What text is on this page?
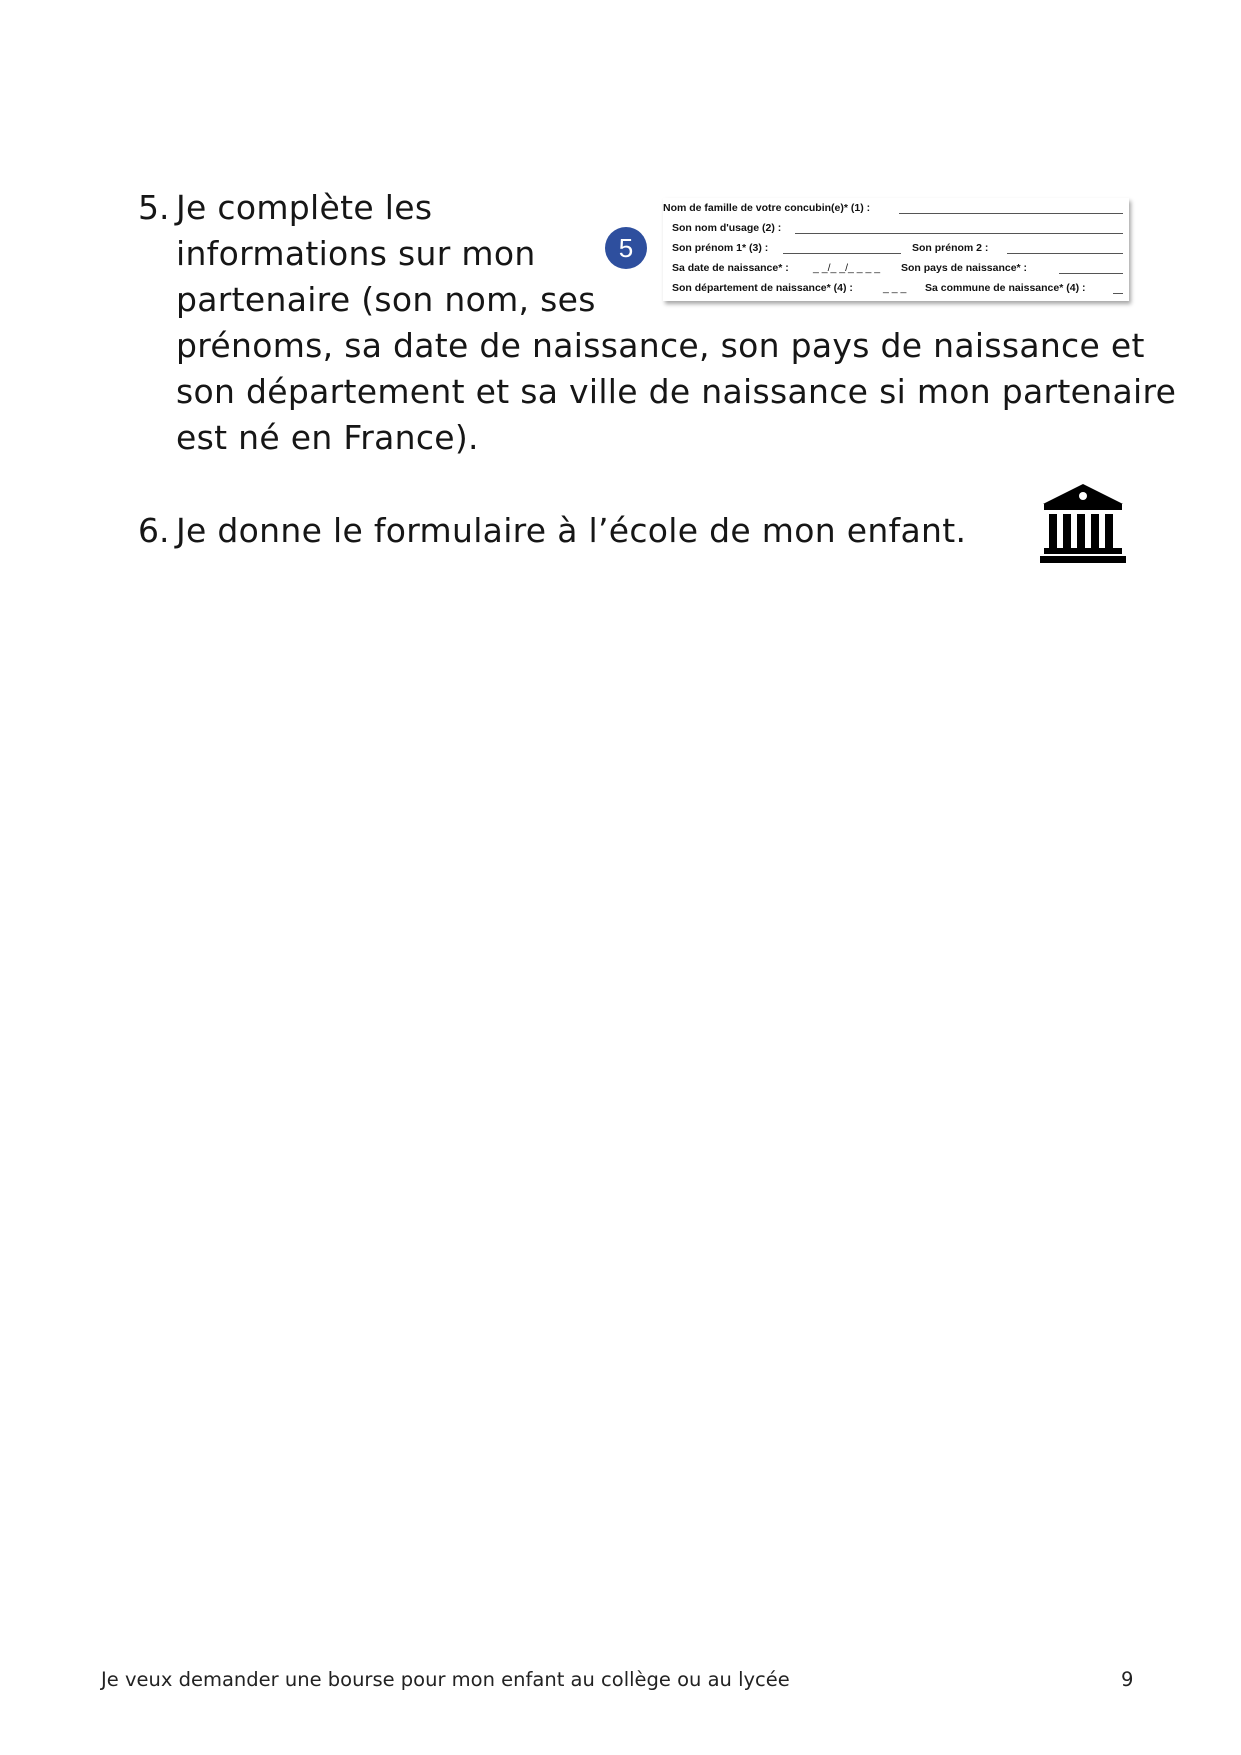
5. Je complète les
informations sur mon
partenaire (son nom, ses
prénoms, sa date de naissance, son pays de naissance et
son département et sa ville de naissance si mon partenaire
est né en France).
5
Nom de famille de votre concubin(e)* (1) :
Son nom d'usage (2) :
Son prénom 1* (3) :	Son prénom 2 :
Sa date de naissance* : _ _/_ _/_ _ _ _ Son pays de naissance* :
Son département de naissance* (4) :	_ _ _ Sa commune de naissance* (4) :
6. Je donne le formulaire à l’école de mon enfant.
Je veux demander une bourse pour mon enfant au collège ou au lycée	9
